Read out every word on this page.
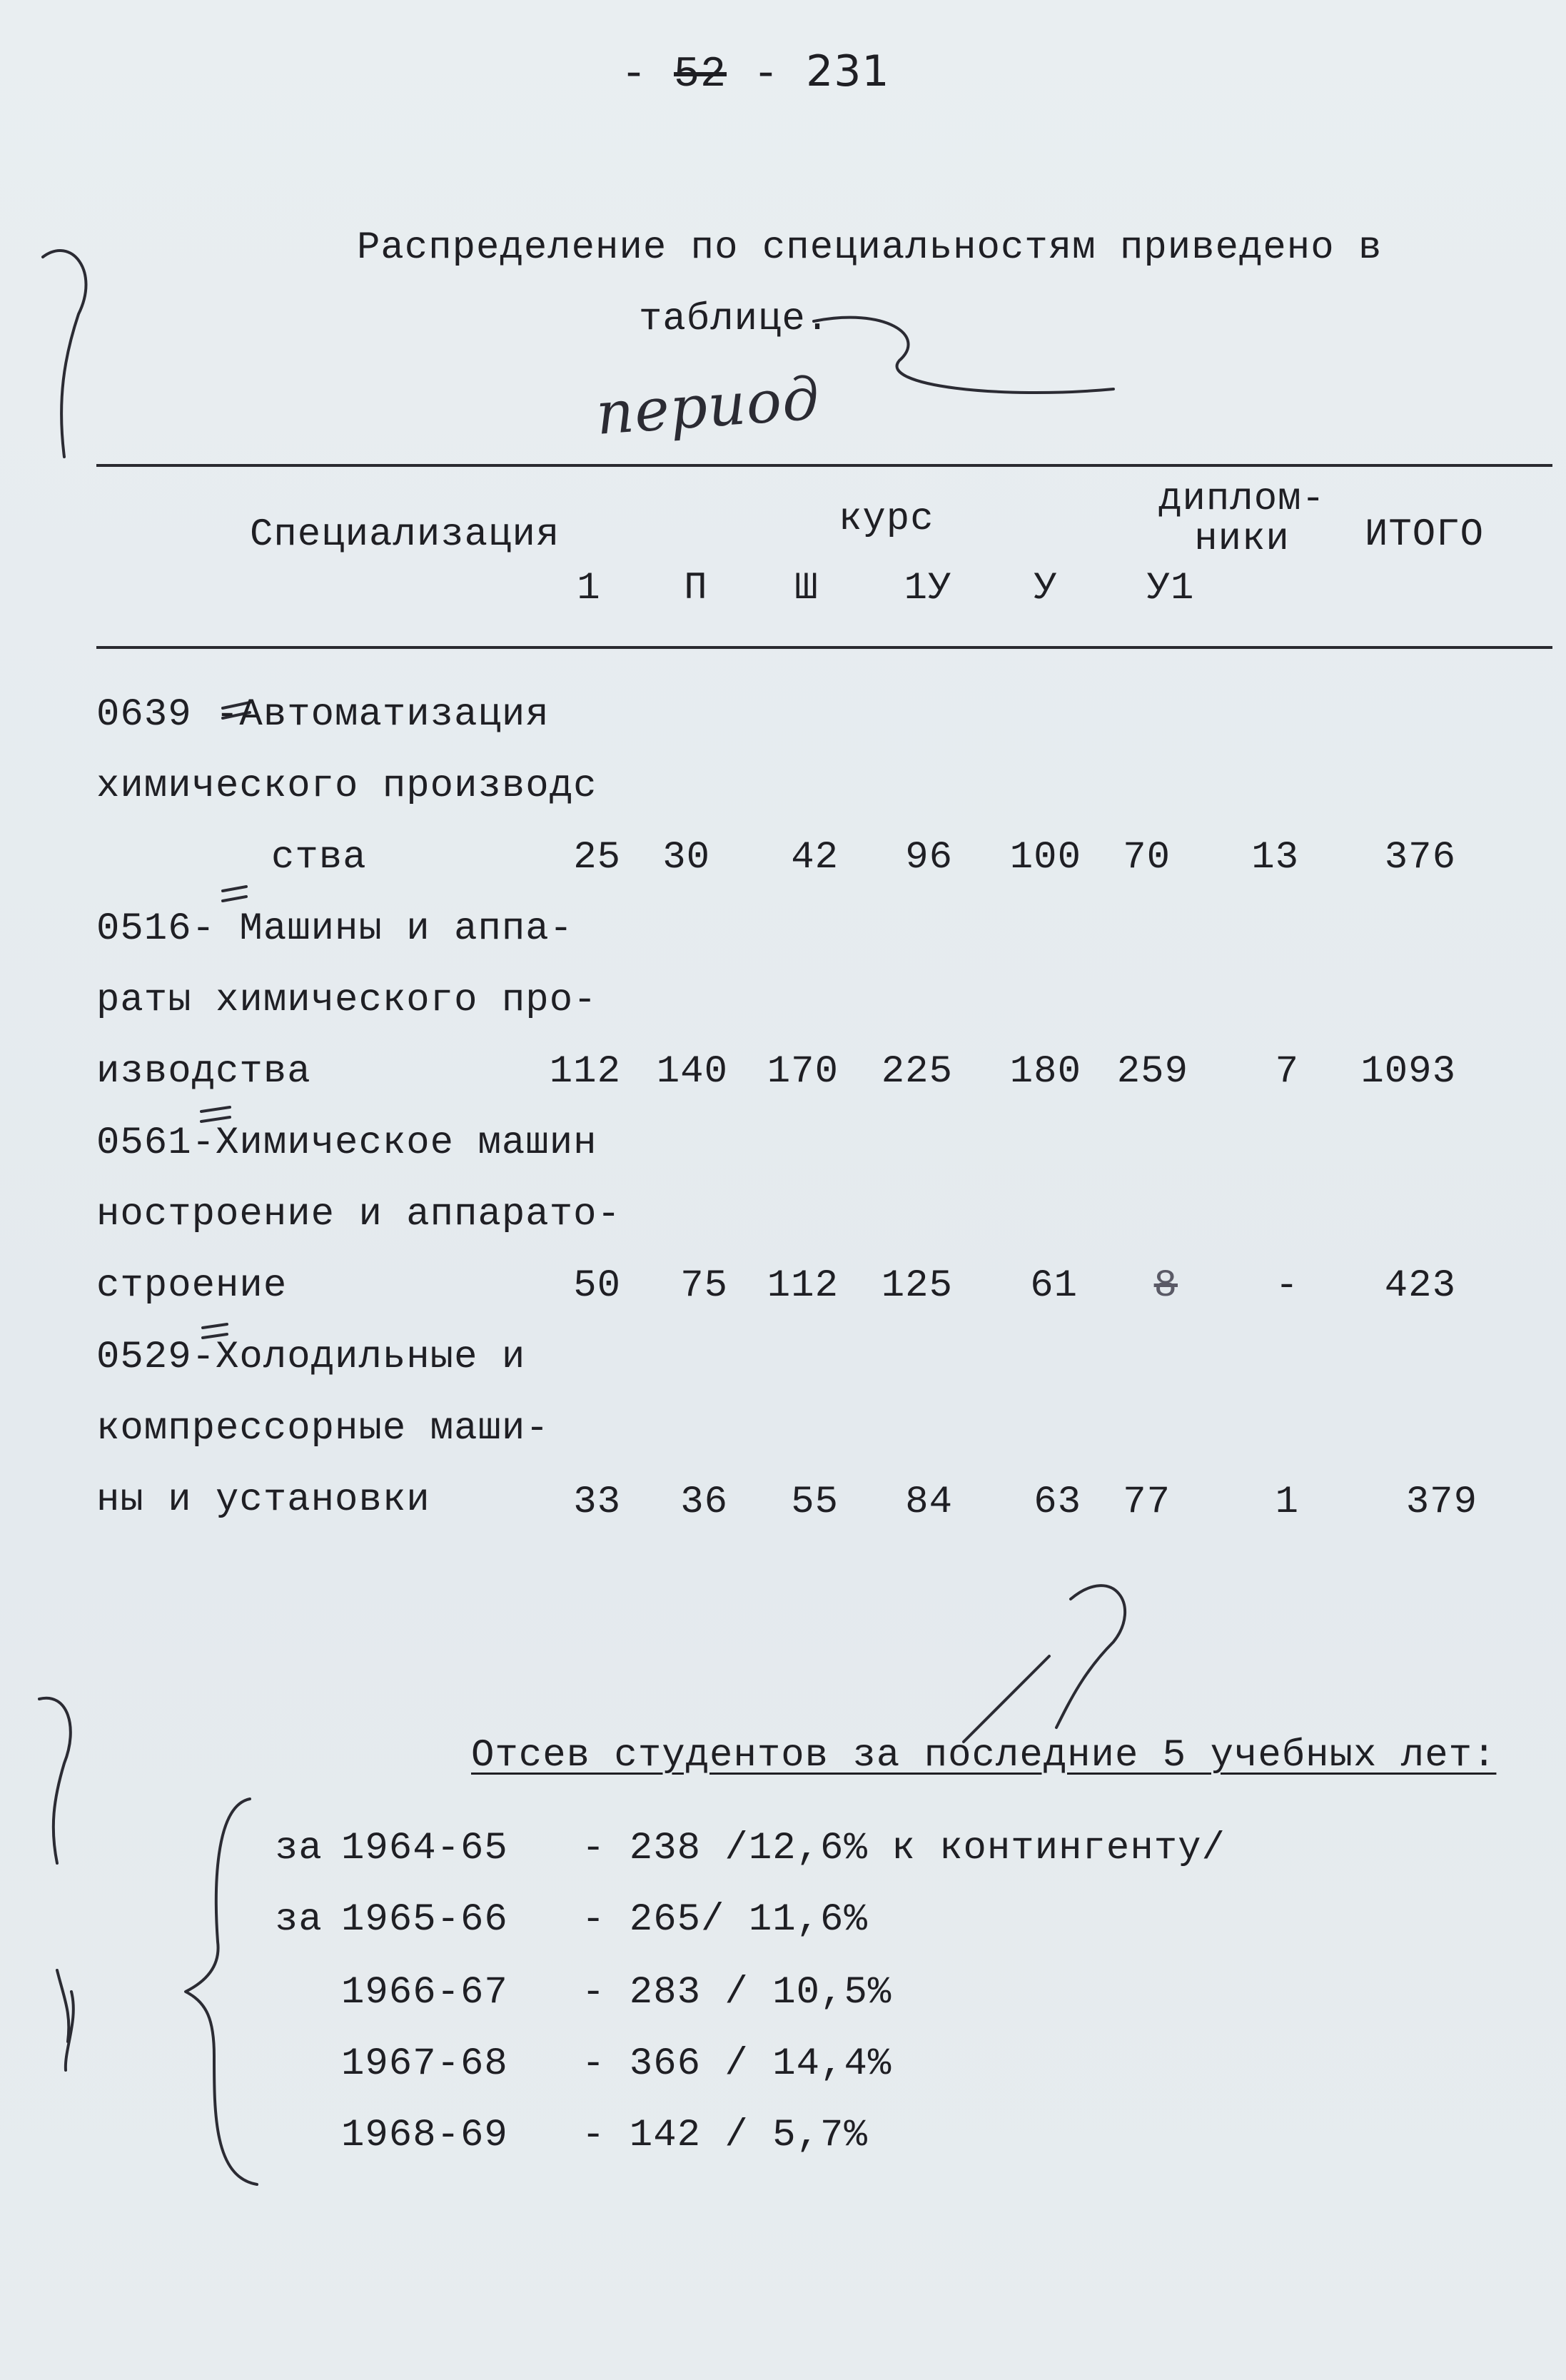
- 52 - 231
Распределение по специальностям приведено в
таблице.
период
Специализация	курс	диплом-
ники	ИТОГО
1	П	Ш	1У	У	У1
0639 -Автоматизация
химического производс
ства	25	30	42	96 100	70	13	376
0516- Машины и аппа-
раты химического про-
изводства	112 140 170 225 180 259	7	1093
0561-Химическое машин
ностроение и аппарато-
строение	50	75 112 125	61	8	-	423
0529-Холодильные и
компрессорные маши-
ны и установки	33	36	55	84	63	77	1	379
Отсев студентов за последние 5 учебных лет:
за 1964-65 - 238 /12,6% к контингенту/
за 1965-66 - 265/ 11,6%
1966-67 - 283 / 10,5%
1967-68 - 366 / 14,4%
1968-69 - 142 / 5,7%
